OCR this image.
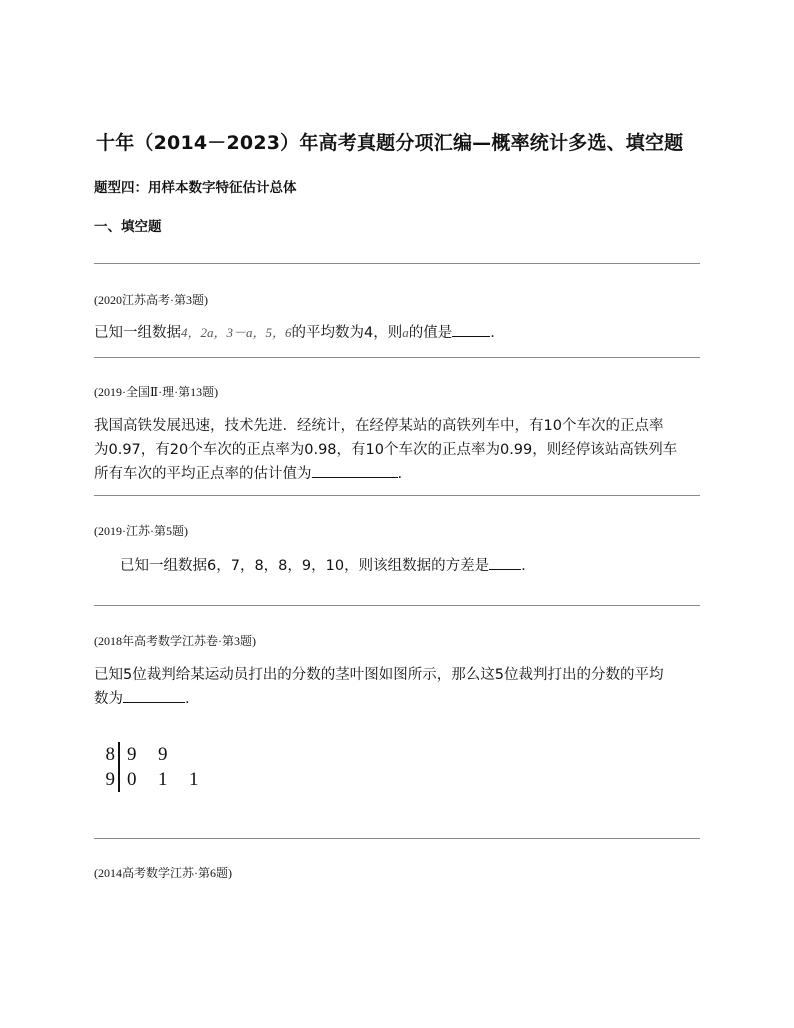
十年（2014－2023）年高考真题分项汇编—概率统计多选、填空题
题型四：用样本数字特征估计总体
一、填空题
(2020江苏高考·第3题)
已知一组数据4，2a，3－a，5，6的平均数为4，则a的值是	.
(2019·全国Ⅱ·理·第13题)
我国高铁发展迅速，技术先进．经统计，在经停某站的高铁列车中，有10个车次的正点率
为0.97，有20个车次的正点率为0.98，有10个车次的正点率为0.99，则经停该站高铁列车
所有车次的平均正点率的估计值为	.
(2019·江苏·第5题)
已知一组数据6，7，8，8，9，10，则该组数据的方差是 .
(2018年高考数学江苏卷·第3题)
已知5位裁判给某运动员打出的分数的茎叶图如图所示，那么这5位裁判打出的分数的平均
数为	.
8 9	9
9 0	1	1
(2014高考数学江苏·第6题)
